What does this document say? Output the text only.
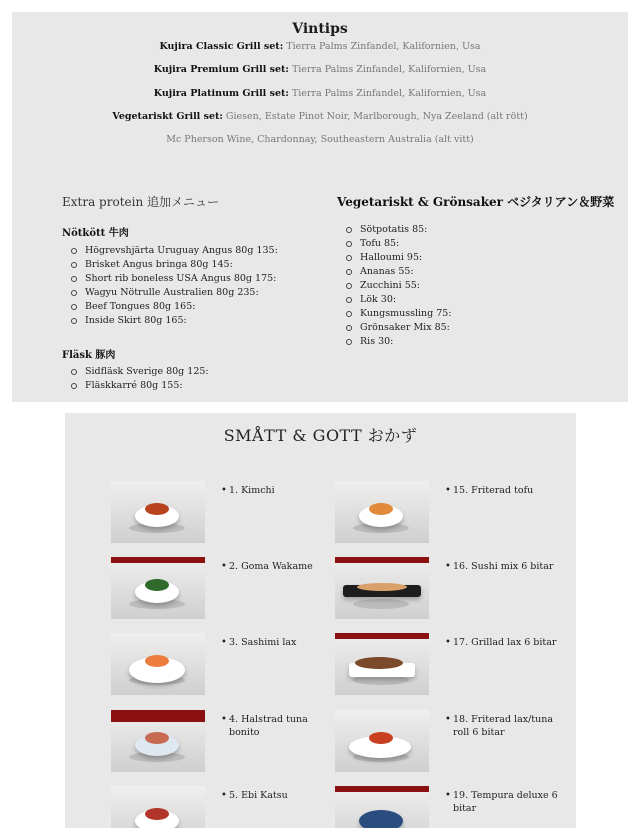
Vintips
Kujira Classic Grill set: Tierra Palms Zinfandel, Kalifornien, Usa
Kujira Premium Grill set: Tierra Palms Zinfandel, Kalifornien, Usa
Kujira Platinum Grill set: Tierra Palms Zinfandel, Kalifornien, Usa
Vegetariskt Grill set: Giesen, Estate Pinot Noir, Marlborough, Nya Zeeland (alt rött)
Mc Pherson Wine, Chardonnay, Southeastern Australia (alt vitt)
Extra protein 追加メニュー
Nötkött 牛肉
Högrevshjärta Uruguay Angus 80g 135:
Brisket Angus bringa 80g 145:
Short rib boneless USA Angus 80g 175:
Wagyu Nötrulle Australien 80g 235:
Beef Tongues 80g 165:
Inside Skirt 80g 165:
Fläsk 豚肉
Sidfläsk Sverige 80g 125:
Fläskkarré 80g 155:
Vegetariskt & Grönsaker ベジタリアン＆野菜
Sötpotatis 85:
Tofu 85:
Halloumi 95:
Ananas 55:
Zucchini 55:
Lök 30:
Kungsmussling 75:
Grönsaker Mix 85:
Ris 30:
SMÅTT & GOTT おかず
• 1. Kimchi
• 2. Goma Wakame
• 3. Sashimi lax
• 4. Halstrad tuna bonito
• 5. Ebi Katsu
• 15. Friterad tofu
• 16. Sushi mix 6 bitar
• 17. Grillad lax 6 bitar
• 18. Friterad lax/tuna roll 6 bitar
• 19. Tempura deluxe 6 bitar
